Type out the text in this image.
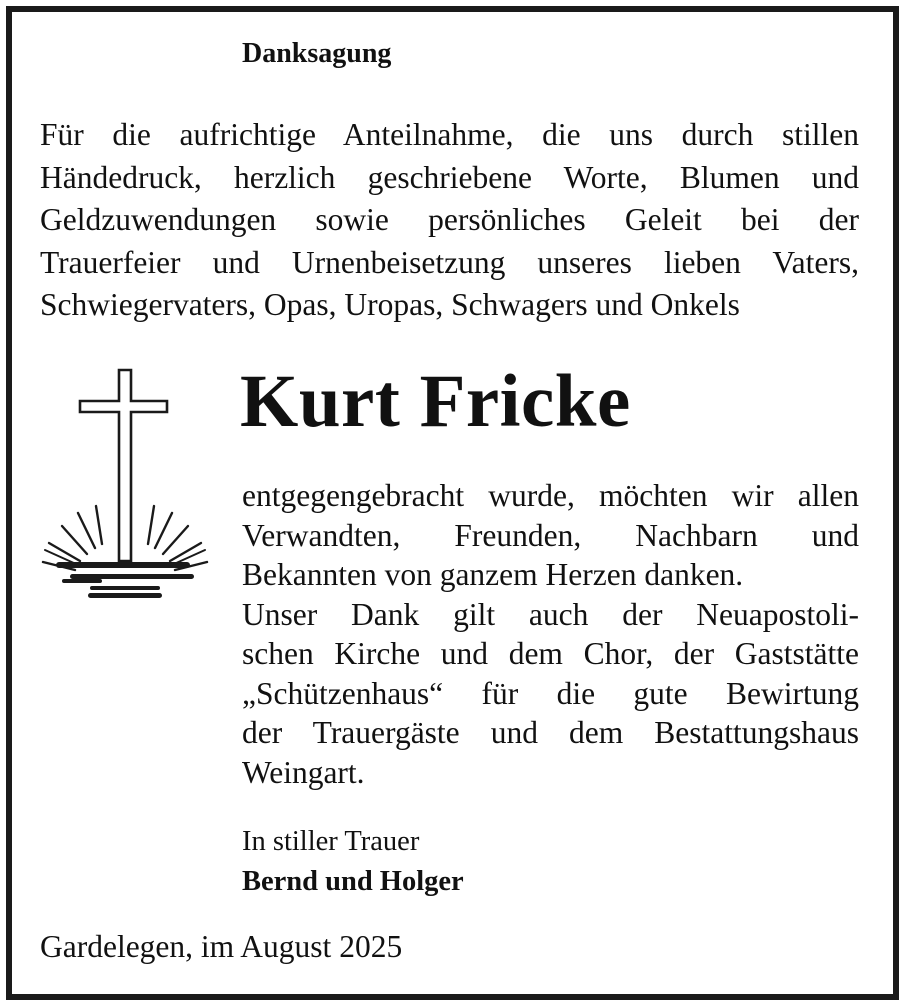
Danksagung
Für die aufrichtige Anteilnahme, die uns durch stillen
Händedruck, herzlich geschriebene Worte, Blumen und
Geldzuwendungen sowie persönliches Geleit bei der
Trauerfeier und Urnenbeisetzung unseres lieben Vaters,
Schwiegervaters, Opas, Uropas, Schwagers und Onkels
Kurt Fricke
entgegengebracht wurde, möchten wir allen
Verwandten, Freunden, Nachbarn und
Bekannten von ganzem Herzen danken.
Unser Dank gilt auch der Neuapostoli-
schen Kirche und dem Chor, der Gaststätte
„Schützenhaus“ für die gute Bewirtung
der Trauergäste und dem Bestattungshaus
Weingart.
In stiller Trauer
Bernd und Holger
Gardelegen, im August 2025
